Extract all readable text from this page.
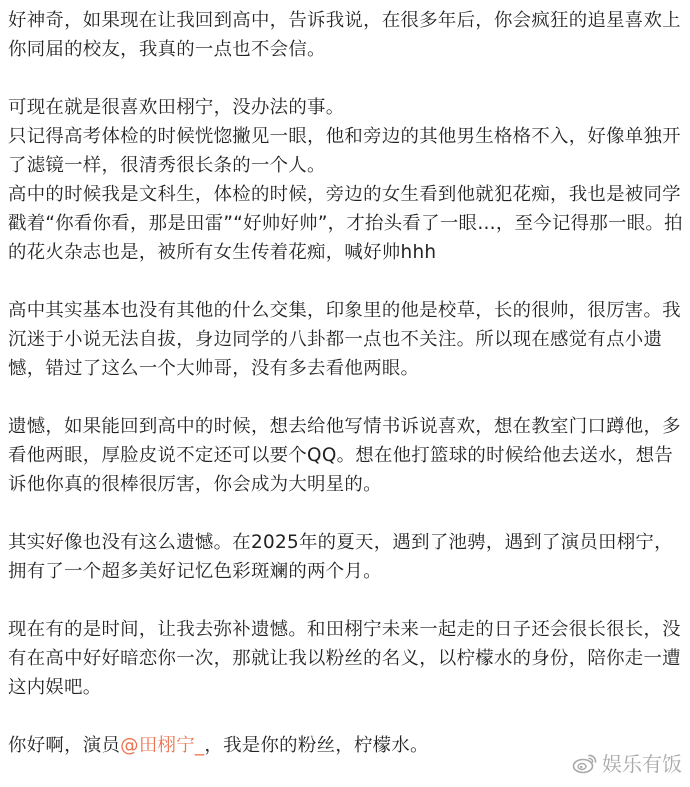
好神奇，如果现在让我回到高中，告诉我说，在很多年后，你会疯狂的追星喜欢上你同届的校友，我真的一点也不会信。

可现在就是很喜欢田栩宁，没办法的事。

只记得高考体检的时候恍惚撇见一眼，他和旁边的其他男生格格不入，好像单独开了滤镜一样，很清秀很长条的一个人。

高中的时候我是文科生，体检的时候，旁边的女生看到他就犯花痴，我也是被同学戳着“你看你看，那是田雷”“好帅好帅”，才抬头看了一眼…，至今记得那一眼。拍的花火杂志也是，被所有女生传着花痴，喊好帅hhh

高中其实基本也没有其他的什么交集，印象里的他是校草，长的很帅，很厉害。我沉迷于小说无法自拔，身边同学的八卦都一点也不关注。所以现在感觉有点小遗憾，错过了这么一个大帅哥，没有多去看他两眼。

遗憾，如果能回到高中的时候，想去给他写情书诉说喜欢，想在教室门口蹲他，多看他两眼，厚脸皮说不定还可以要个QQ。想在他打篮球的时候给他去送水，想告诉他你真的很棒很厉害，你会成为大明星的。

其实好像也没有这么遗憾。在2025年的夏天，遇到了池骋，遇到了演员田栩宁，拥有了一个超多美好记忆色彩斑斓的两个月。

现在有的是时间，让我去弥补遗憾。和田栩宁未来一起走的日子还会很长很长，没有在高中好好暗恋你一次，那就让我以粉丝的名义，以柠檬水的身份，陪你走一遭这内娱吧。

你好啊，演员@田栩宁_，我是你的粉丝，柠檬水。

娱乐有饭
